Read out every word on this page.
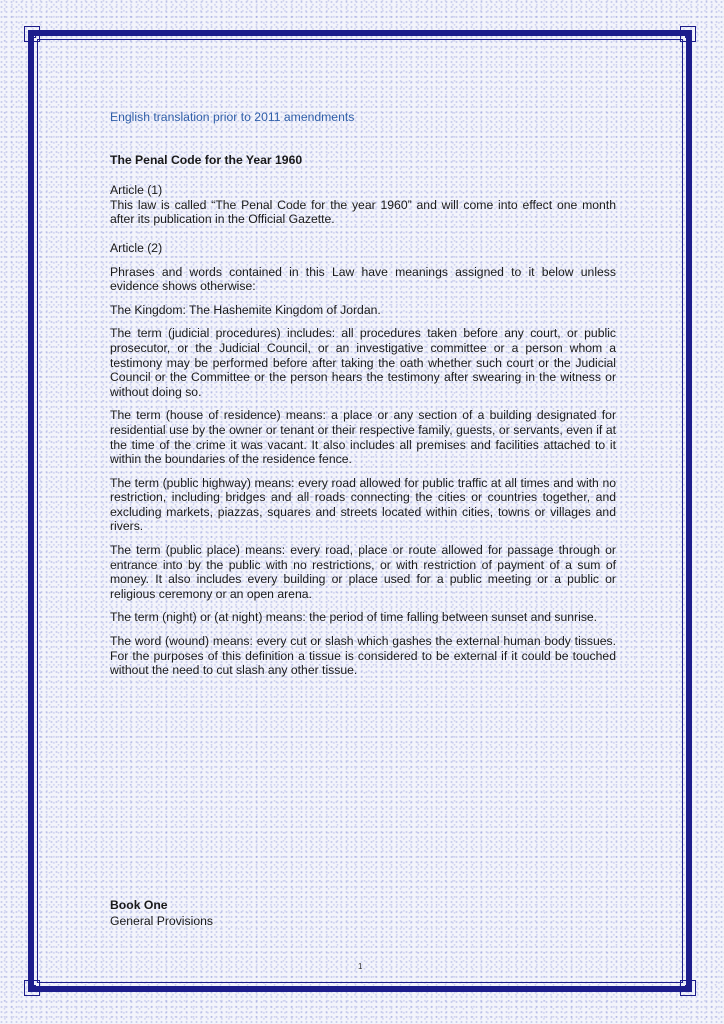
English translation prior to 2011 amendments

The Penal Code for the Year 1960

Article (1)

This law is called “The Penal Code for the year 1960” and will come into effect one month after its publication in the Official Gazette.

Article (2)

Phrases and words contained in this Law have meanings assigned to it below unless evidence shows otherwise:

The Kingdom: The Hashemite Kingdom of Jordan.

The term (judicial procedures) includes: all procedures taken before any court, or public prosecutor, or the Judicial Council, or an investigative committee or a person whom a testimony may be performed before after taking the oath whether such court or the Judicial Council or the Committee or the person hears the testimony after swearing in the witness or without doing so.

The term (house of residence) means: a place or any section of a building designated for residential use by the owner or tenant or their respective family, guests, or servants, even if at the time of the crime it was vacant. It also includes all premises and facilities attached to it within the boundaries of the residence fence.

The term (public highway) means: every road allowed for public traffic at all times and with no restriction, including bridges and all roads connecting the cities or countries together, and excluding markets, piazzas, squares and streets located within cities, towns or villages and rivers.

The term (public place) means: every road, place or route allowed for passage through or entrance into by the public with no restrictions, or with restriction of payment of a sum of money. It also includes every building or place used for a public meeting or a public or religious ceremony or an open arena.

The term (night) or (at night) means: the period of time falling between sunset and sunrise.

The word (wound) means: every cut or slash which gashes the external human body tissues. For the purposes of this definition a tissue is considered to be external if it could be touched without the need to cut slash any other tissue.

Book One
General Provisions
1
